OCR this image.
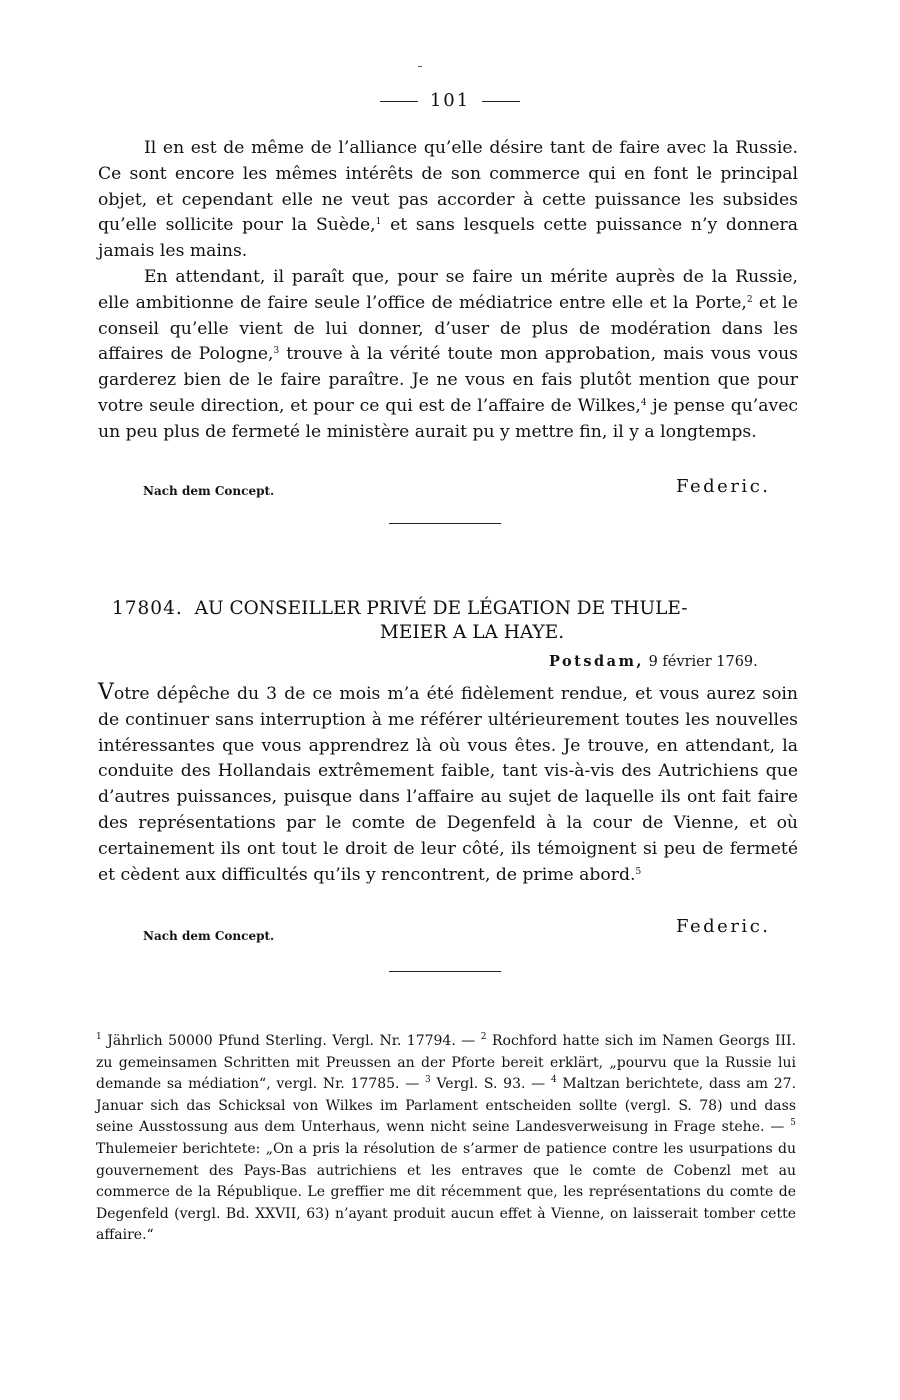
101
Il en est de même de l’alliance qu’elle désire tant de faire avec la Russie. Ce sont encore les mêmes intérêts de son commerce qui en font le principal objet, et cependant elle ne veut pas accorder à cette puissance les subsides qu’elle sollicite pour la Suède,$^1$ et sans lesquels cette puissance n’y donnera jamais les mains.
En attendant, il paraît que, pour se faire un mérite auprès de la Russie, elle ambitionne de faire seule l’office de médiatrice entre elle et la Porte,$^2$ et le conseil qu’elle vient de lui donner, d’user de plus de modération dans les affaires de Pologne,$^3$ trouve à la vérité toute mon approbation, mais vous vous garderez bien de le faire paraître. Je ne vous en fais plutôt mention que pour votre seule direction, et pour ce qui est de l’affaire de Wilkes,$^4$ je pense qu’avec un peu plus de fermeté le ministère aurait pu y mettre fin, il y a longtemps.
Nach dem Concept.	Federic.
17804. AU CONSEILLER PRIVÉ DE LÉGATION DE THULE-
MEIER A LA HAYE.
Potsdam, 9 février 1769.
Votre dépêche du 3 de ce mois m’a été fidèlement rendue, et vous aurez soin de continuer sans interruption à me référer ultérieurement toutes les nouvelles intéressantes que vous apprendrez là où vous êtes. Je trouve, en attendant, la conduite des Hollandais extrêmement faible, tant vis-à-vis des Autrichiens que d’autres puissances, puisque dans l’affaire au sujet de laquelle ils ont fait faire des représentations par le comte de Degenfeld à la cour de Vienne, et où certainement ils ont tout le droit de leur côté, ils témoignent si peu de fermeté et cèdent aux difficultés qu’ils y rencontrent, de prime abord.$^5$
Nach dem Concept.	Federic.
$^1$ Jährlich 50000 Pfund Sterling. Vergl. Nr. 17794. — $^2$ Rochford hatte sich im Namen Georgs III. zu gemeinsamen Schritten mit Preussen an der Pforte bereit erklärt, „pourvu que la Russie lui demande sa médiation“, vergl. Nr. 17785. — $^3$ Vergl. S. 93. — $^4$ Maltzan berichtete, dass am 27. Januar sich das Schicksal von Wilkes im Parlament entscheiden sollte (vergl. S. 78) und dass seine Ausstossung aus dem Unterhaus, wenn nicht seine Landesverweisung in Frage stehe. — $^5$ Thulemeier berichtete: „On a pris la résolution de s’armer de patience contre les usurpations du gouvernement des Pays-Bas autrichiens et les entraves que le comte de Cobenzl met au commerce de la République. Le greffier me dit récemment que, les représentations du comte de Degenfeld (vergl. Bd. XXVII, 63) n’ayant produit aucun effet à Vienne, on laisserait tomber cette affaire.“
